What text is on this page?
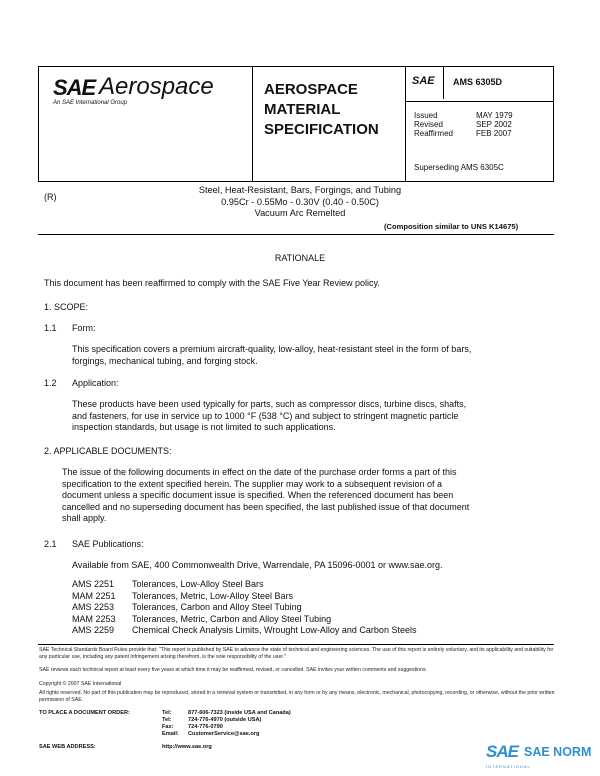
SAE Aerospace
An SAE International Group
AEROSPACE
MATERIAL
SPECIFICATION
SAE AMS 6305D
Issued	MAY 1979
Revised	SEP 2002
Reaffirmed	FEB 2007
Superseding AMS 6305C
(R)
Steel, Heat-Resistant, Bars, Forgings, and Tubing
0.95Cr - 0.55Mo - 0.30V (0.40 - 0.50C)
Vacuum Arc Remelted
(Composition similar to UNS K14675)
RATIONALE
This document has been reaffirmed to comply with the SAE Five Year Review policy.
1. SCOPE:
1.1 Form:
This specification covers a premium aircraft-quality, low-alloy, heat-resistant steel in the form of bars,
forgings, mechanical tubing, and forging stock.
1.2 Application:
These products have been used typically for parts, such as compressor discs, turbine discs, shafts,
and fasteners, for use in service up to 1000 °F (538 °C) and subject to stringent magnetic particle
inspection standards, but usage is not limited to such applications.
2. APPLICABLE DOCUMENTS:
The issue of the following documents in effect on the date of the purchase order forms a part of this
specification to the extent specified herein. The supplier may work to a subsequent revision of a
document unless a specific document issue is specified. When the referenced document has been
cancelled and no superseding document has been specified, the last published issue of that document
shall apply.
2.1 SAE Publications:
Available from SAE, 400 Commonwealth Drive, Warrendale, PA 15096-0001 or www.sae.org.
AMS 2251 Tolerances, Low-Alloy Steel Bars
MAM 2251 Tolerances, Metric, Low-Alloy Steel Bars
AMS 2253 Tolerances, Carbon and Alloy Steel Tubing
MAM 2253 Tolerances, Metric, Carbon and Alloy Steel Tubing
AMS 2259 Chemical Check Analysis Limits, Wrought Low-Alloy and Carbon Steels
SAE Technical Standards Board Rules provide that: "This report is published by SAE to advance the state of technical and engineering sciences. The use of this report is entirely voluntary, and its applicability and suitability for any particular use, including any patent infringement arising therefrom, is the sole responsibility of the user."
SAE reviews each technical report at least every five years at which time it may be reaffirmed, revised, or cancelled. SAE invites your written comments and suggestions.
Copyright © 2007 SAE International
All rights reserved. No part of this publication may be reproduced, stored in a retrieval system or transmitted, in any form or by any means, electronic, mechanical, photocopying, recording, or otherwise, without the prior written permission of SAE.
TO PLACE A DOCUMENT ORDER:	Tel:	877-606-7323 (inside USA and Canada)
Tel:	724-776-4970 (outside USA)
Fax:	724-776-0790
Email: CustomerService@sae.org
SAE WEB ADDRESS:	http://www.sae.org	SAE SAE NORM
INTERNATIONAL
